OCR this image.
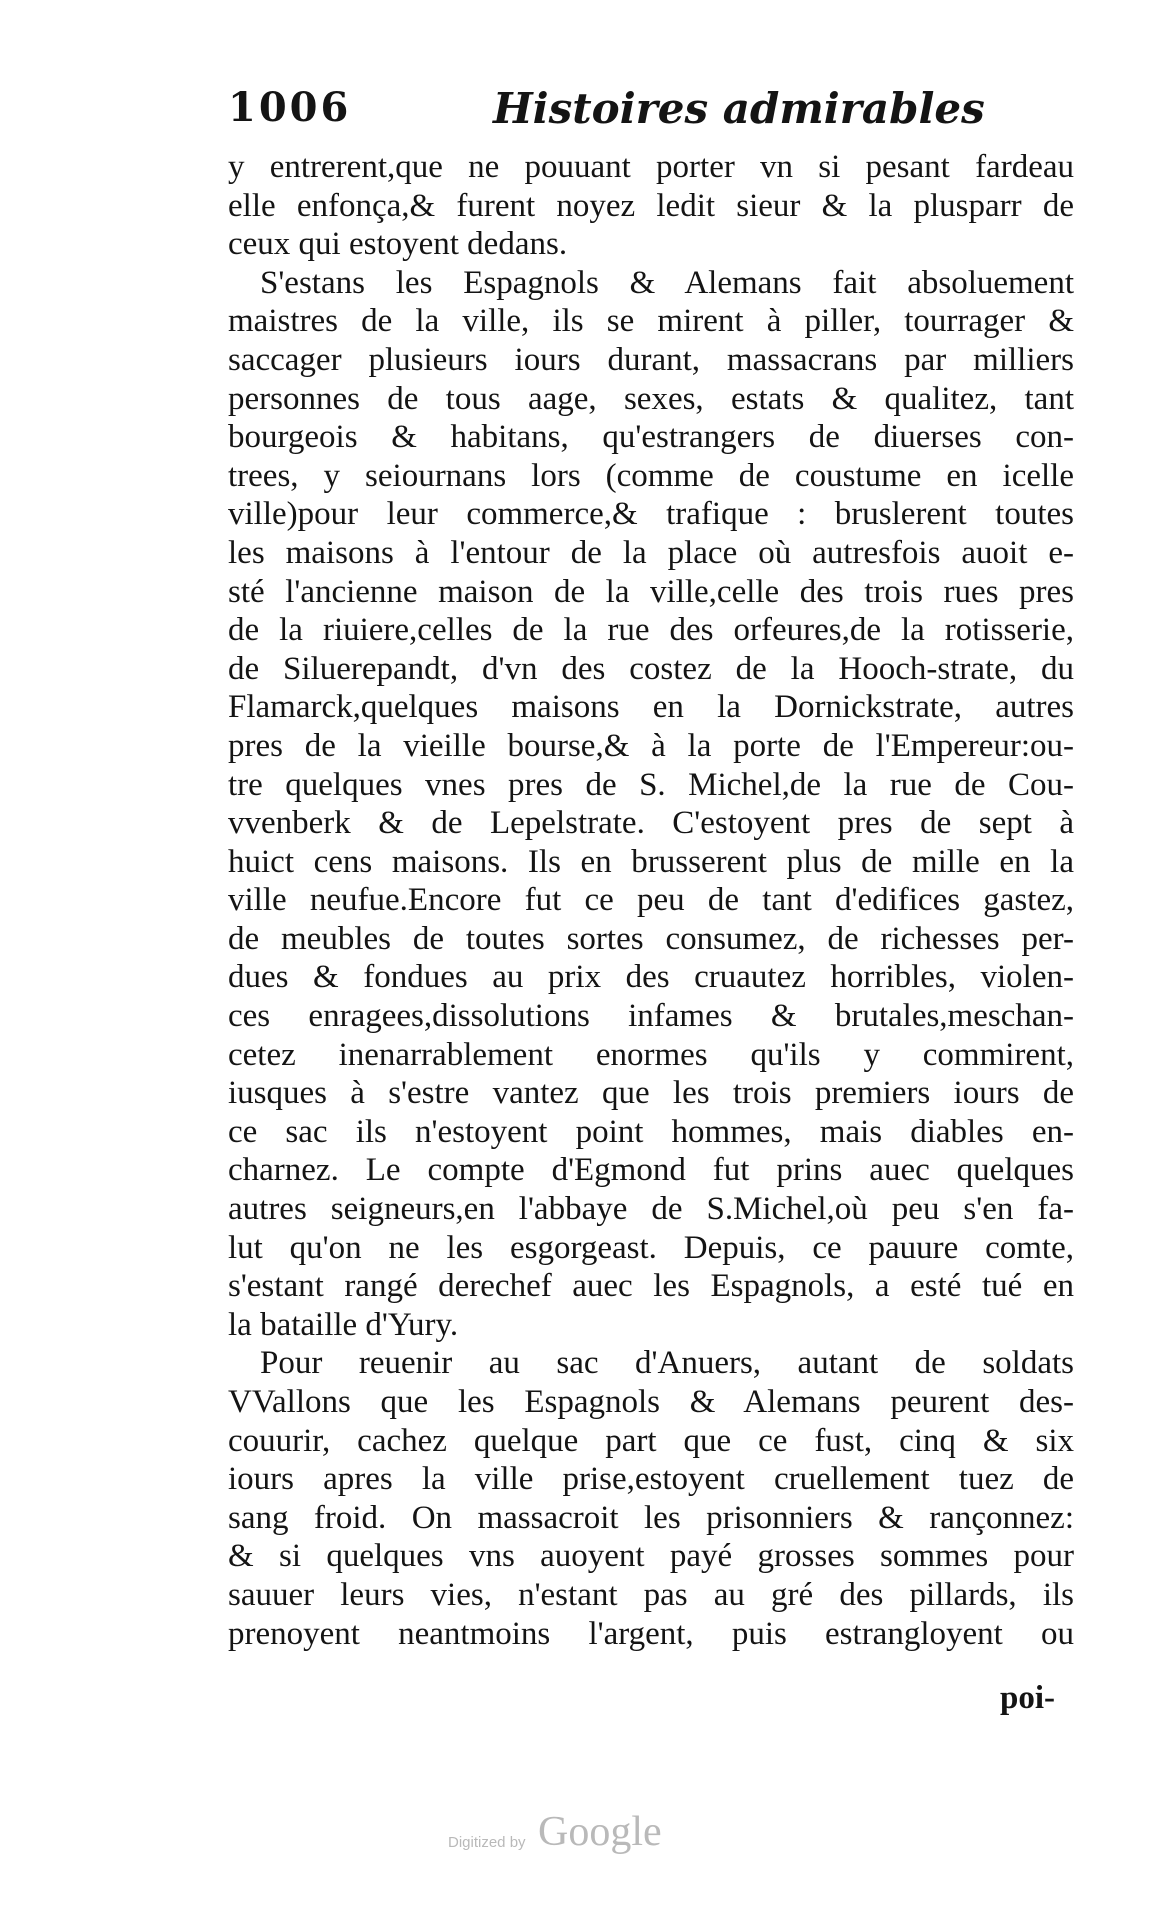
1006	Histoires admirables
y entrerent,que ne pouuant porter vn si pesant fardeau
elle enfonça,& furent noyez ledit sieur & la plusparr de
ceux qui estoyent dedans.
S'estans les Espagnols & Alemans fait absoluement
maistres de la ville, ils se mirent à piller, tourrager &
saccager plusieurs iours durant, massacrans par milliers
personnes de tous aage, sexes, estats & qualitez, tant
bourgeois & habitans, qu'estrangers de diuerses con-
trees, y seiournans lors (comme de coustume en icelle
ville)pour leur commerce,& trafique : bruslerent toutes
les maisons à l'entour de la place où autresfois auoit e-
sté l'ancienne maison de la ville,celle des trois rues pres
de la riuiere,celles de la rue des orfeures,de la rotisserie,
de Siluerepandt, d'vn des costez de la Hooch-strate, du
Flamarck,quelques maisons en la Dornickstrate, autres
pres de la vieille bourse,& à la porte de l'Empereur:ou-
tre quelques vnes pres de S. Michel,de la rue de Cou-
vvenberk & de Lepelstrate. C'estoyent pres de sept à
huict cens maisons. Ils en brusserent plus de mille en la
ville neufue.Encore fut ce peu de tant d'edifices gastez,
de meubles de toutes sortes consumez, de richesses per-
dues & fondues au prix des cruautez horribles, violen-
ces enragees,dissolutions infames & brutales,meschan-
cetez inenarrablement enormes qu'ils y commirent,
iusques à s'estre vantez que les trois premiers iours de
ce sac ils n'estoyent point hommes, mais diables en-
charnez. Le compte d'Egmond fut prins auec quelques
autres seigneurs,en l'abbaye de S.Michel,où peu s'en fa-
lut qu'on ne les esgorgeast. Depuis, ce pauure comte,
s'estant rangé derechef auec les Espagnols, a esté tué en
la bataille d'Yury.
Pour reuenir au sac d'Anuers, autant de soldats
VVallons que les Espagnols & Alemans peurent des-
couurir, cachez quelque part que ce fust, cinq & six
iours apres la ville prise,estoyent cruellement tuez de
sang froid. On massacroit les prisonniers & rançonnez:
& si quelques vns auoyent payé grosses sommes pour
sauuer leurs vies, n'estant pas au gré des pillards, ils
prenoyent neantmoins l'argent, puis estrangloyent ou
poi-
Digitized by Google
